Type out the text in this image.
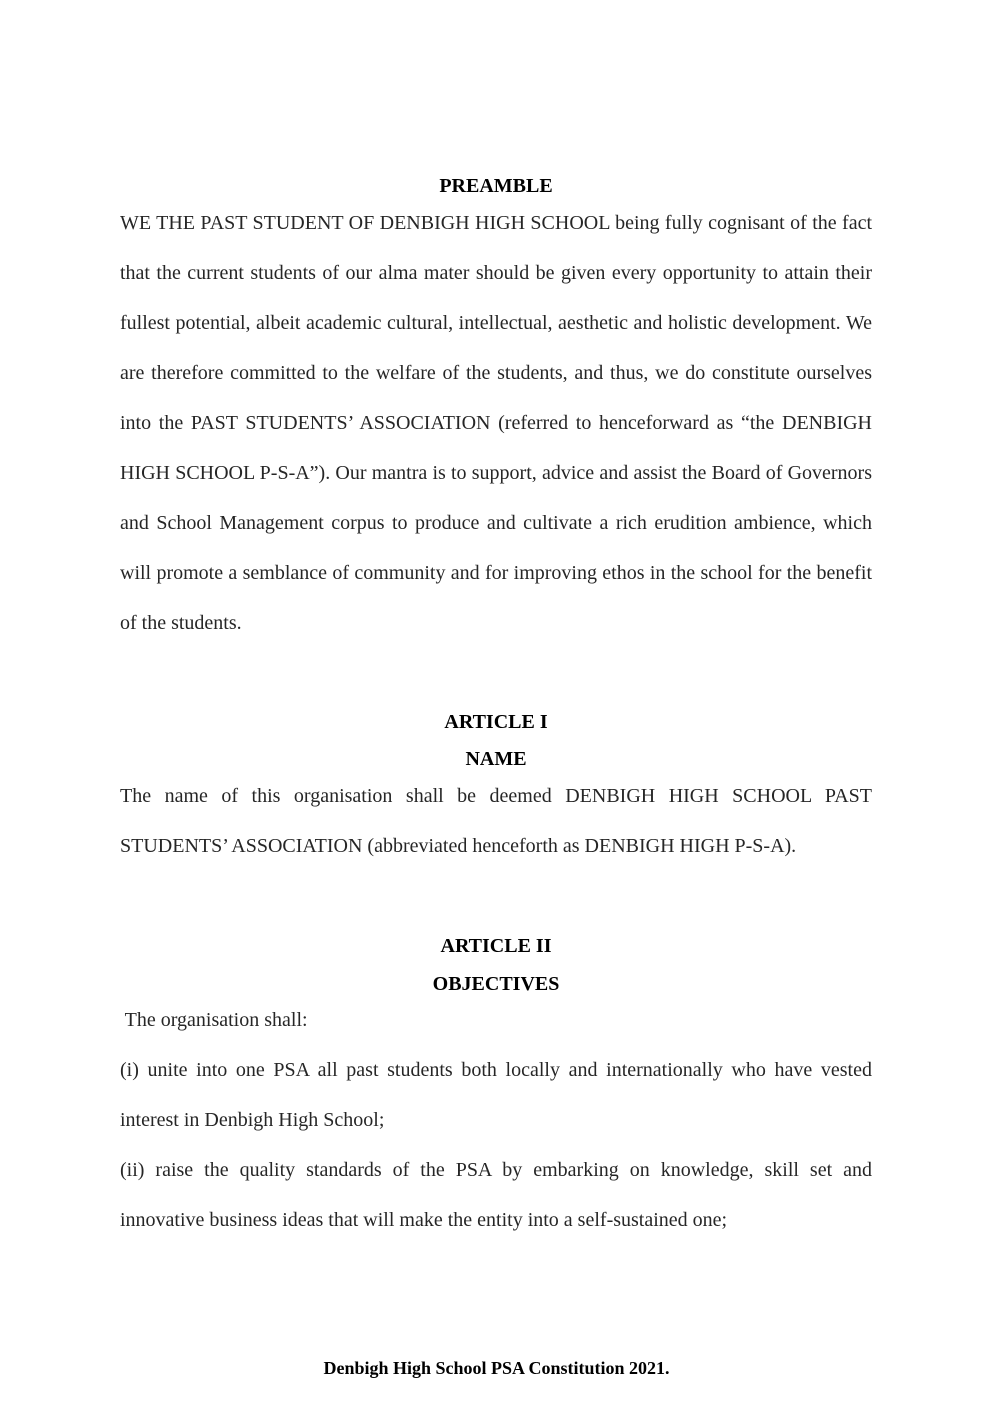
PREAMBLE

WE THE PAST STUDENT OF DENBIGH HIGH SCHOOL being fully cognisant of the fact that the current students of our alma mater should be given every opportunity to attain their fullest potential, albeit academic cultural, intellectual, aesthetic and holistic development. We are therefore committed to the welfare of the students, and thus, we do constitute ourselves into the PAST STUDENTS’ ASSOCIATION (referred to henceforward as “the DENBIGH HIGH SCHOOL P-S-A”). Our mantra is to support, advice and assist the Board of Governors and School Management corpus to produce and cultivate a rich erudition ambience, which will promote a semblance of community and for improving ethos in the school for the benefit of the students.

ARTICLE I
NAME

The name of this organisation shall be deemed DENBIGH HIGH SCHOOL PAST STUDENTS’ ASSOCIATION (abbreviated henceforth as DENBIGH HIGH P-S-A).

ARTICLE II
OBJECTIVES

The organisation shall:

(i) unite into one PSA all past students both locally and internationally who have vested interest in Denbigh High School;

(ii) raise the quality standards of the PSA by embarking on knowledge, skill set and innovative business ideas that will make the entity into a self-sustained one;

Denbigh High School PSA Constitution 2021.
